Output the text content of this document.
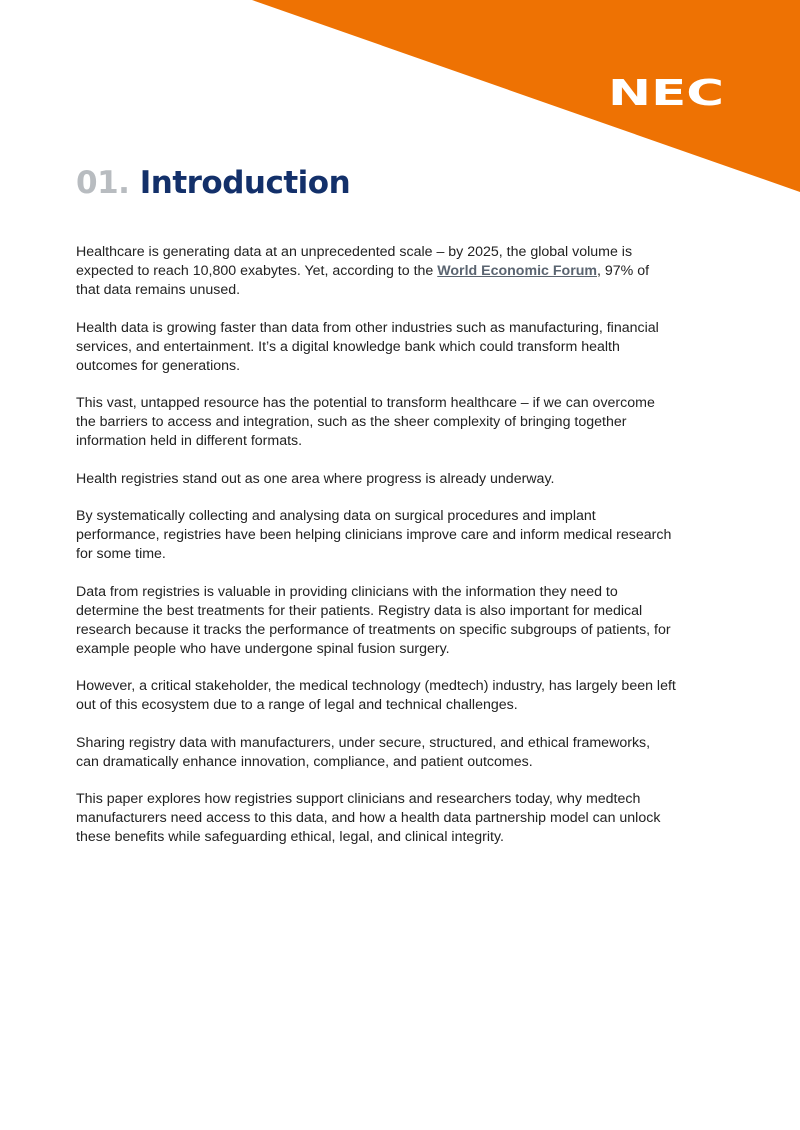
NEC
01. Introduction

Healthcare is generating data at an unprecedented scale – by 2025, the global volume is expected to reach 10,800 exabytes. Yet, according to the World Economic Forum, 97% of that data remains unused.

Health data is growing faster than data from other industries such as manufacturing, financial services, and entertainment. It’s a digital knowledge bank which could transform health outcomes for generations.

This vast, untapped resource has the potential to transform healthcare – if we can overcome the barriers to access and integration, such as the sheer complexity of bringing together information held in different formats.

Health registries stand out as one area where progress is already underway.

By systematically collecting and analysing data on surgical procedures and implant performance, registries have been helping clinicians improve care and inform medical research for some time.

Data from registries is valuable in providing clinicians with the information they need to determine the best treatments for their patients. Registry data is also important for medical research because it tracks the performance of treatments on specific subgroups of patients, for example people who have undergone spinal fusion surgery.

However, a critical stakeholder, the medical technology (medtech) industry, has largely been left out of this ecosystem due to a range of legal and technical challenges.

Sharing registry data with manufacturers, under secure, structured, and ethical frameworks, can dramatically enhance innovation, compliance, and patient outcomes.

This paper explores how registries support clinicians and researchers today, why medtech manufacturers need access to this data, and how a health data partnership model can unlock these benefits while safeguarding ethical, legal, and clinical integrity.
